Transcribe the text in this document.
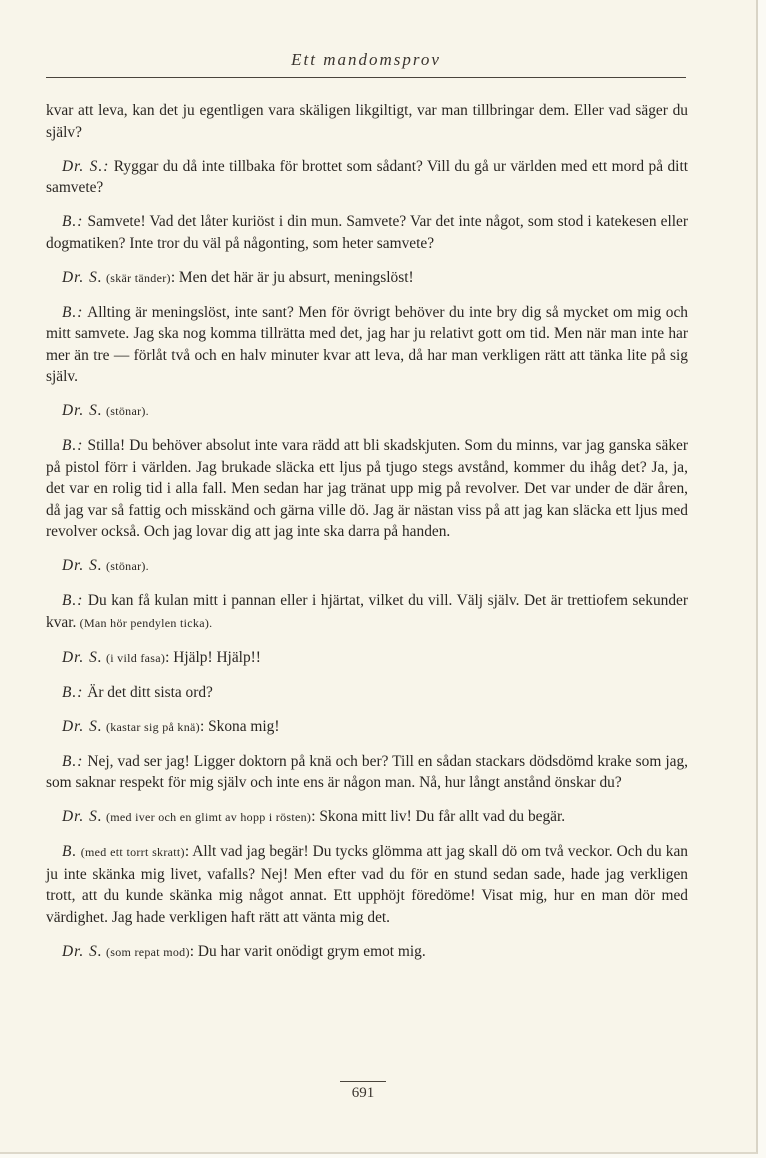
Ett mandomsprov

kvar att leva, kan det ju egentligen vara skäligen likgiltigt, var man tillbringar dem. Eller vad säger du själv?

Dr. S.: Ryggar du då inte tillbaka för brottet som sådant? Vill du gå ur världen med ett mord på ditt samvete?

B.: Samvete! Vad det låter kuriöst i din mun. Samvete? Var det inte något, som stod i katekesen eller dogmatiken? Inte tror du väl på någonting, som heter samvete?

Dr. S. (skär tänder): Men det här är ju absurt, meningslöst!

B.: Allting är meningslöst, inte sant? Men för övrigt behöver du inte bry dig så mycket om mig och mitt samvete. Jag ska nog komma tillrätta med det, jag har ju relativt gott om tid. Men när man inte har mer än tre — förlåt två och en halv minuter kvar att leva, då har man verkligen rätt att tänka lite på sig själv.

Dr. S. (stönar).

B.: Stilla! Du behöver absolut inte vara rädd att bli skadskjuten. Som du minns, var jag ganska säker på pistol förr i världen. Jag brukade släcka ett ljus på tjugo stegs avstånd, kommer du ihåg det? Ja, ja, det var en rolig tid i alla fall. Men sedan har jag tränat upp mig på revolver. Det var under de där åren, då jag var så fattig och misskänd och gärna ville dö. Jag är nästan viss på att jag kan släcka ett ljus med revolver också. Och jag lovar dig att jag inte ska darra på handen.

Dr. S. (stönar).

B.: Du kan få kulan mitt i pannan eller i hjärtat, vilket du vill. Välj själv. Det är trettiofem sekunder kvar. (Man hör pendylen ticka).

Dr. S. (i vild fasa): Hjälp! Hjälp!!

B.: Är det ditt sista ord?

Dr. S. (kastar sig på knä): Skona mig!

B.: Nej, vad ser jag! Ligger doktorn på knä och ber? Till en sådan stackars dödsdömd krake som jag, som saknar respekt för mig själv och inte ens är någon man. Nå, hur långt anstånd önskar du?

Dr. S. (med iver och en glimt av hopp i rösten): Skona mitt liv! Du får allt vad du begär.

B. (med ett torrt skratt): Allt vad jag begär! Du tycks glömma att jag skall dö om två veckor. Och du kan ju inte skänka mig livet, vafalls? Nej! Men efter vad du för en stund sedan sade, hade jag verkligen trott, att du kunde skänka mig något annat. Ett upphöjt föredöme! Visat mig, hur en man dör med värdighet. Jag hade verkligen haft rätt att vänta mig det.

Dr. S. (som repat mod): Du har varit onödigt grym emot mig.

691
